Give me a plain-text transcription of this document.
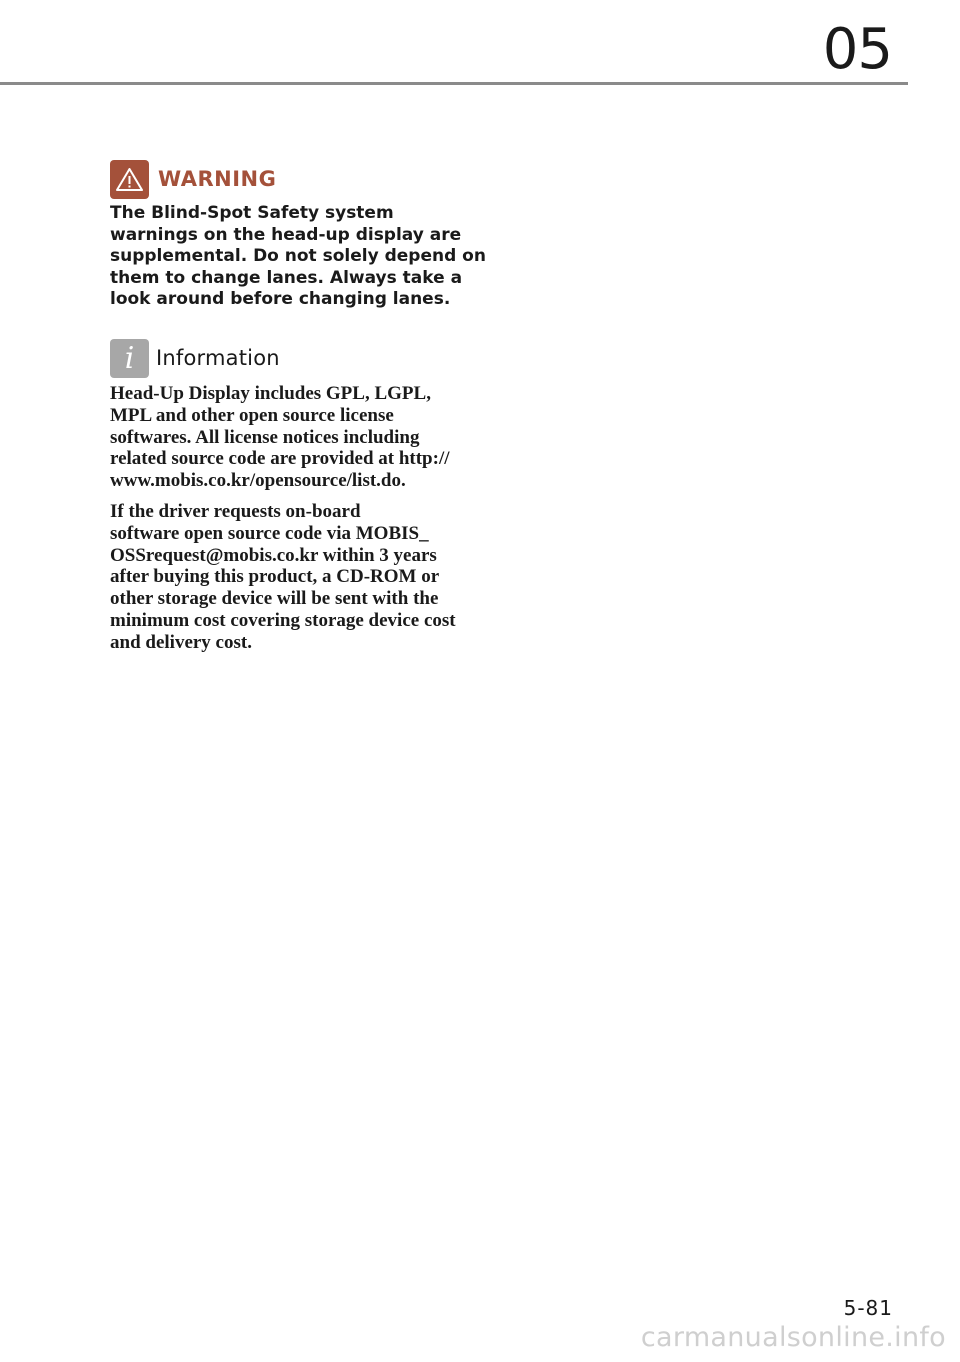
05
WARNING
The Blind-Spot Safety system
warnings on the head-up display are
supplemental. Do not solely depend on
them to change lanes. Always take a
look around before changing lanes.
i	Information

Head-Up Display includes GPL, LGPL,
MPL and other open source license
softwares. All license notices including
related source code are provided at http://
www.mobis.co.kr/opensource/list.do.

If the driver requests on-board
software open source code via MOBIS_
OSSrequest@mobis.co.kr within 3 years
after buying this product, a CD-ROM or
other storage device will be sent with the
minimum cost covering storage device cost
and delivery cost.

5-81
carmanualsonline.info
